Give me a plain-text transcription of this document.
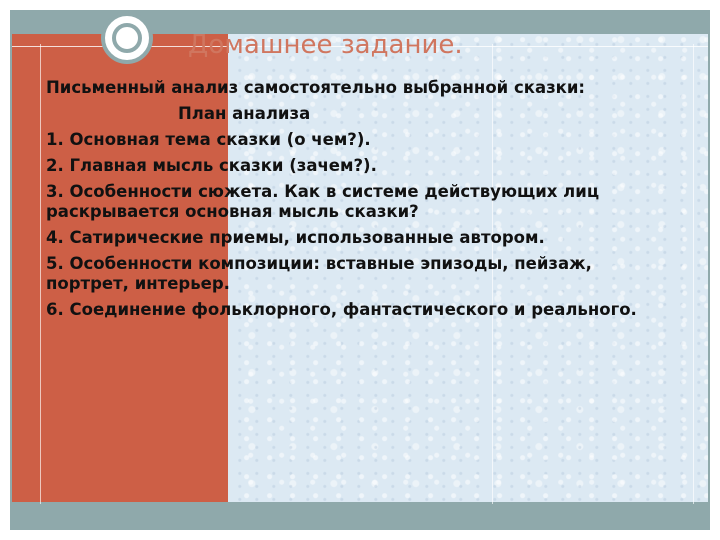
Домашнее задание.

Письменный анализ самостоятельно выбранной сказки:

План анализа

1. Основная тема сказки (о чем?).

2. Главная мысль сказки (зачем?).

3. Особенности сюжета. Как в системе действующих лиц раскрывается основная мысль сказки?

4. Сатирические приемы, использованные автором.

5. Особенности композиции: вставные эпизоды, пейзаж, портрет, интерьер.

6. Соединение фольклорного, фантастического и реального.
